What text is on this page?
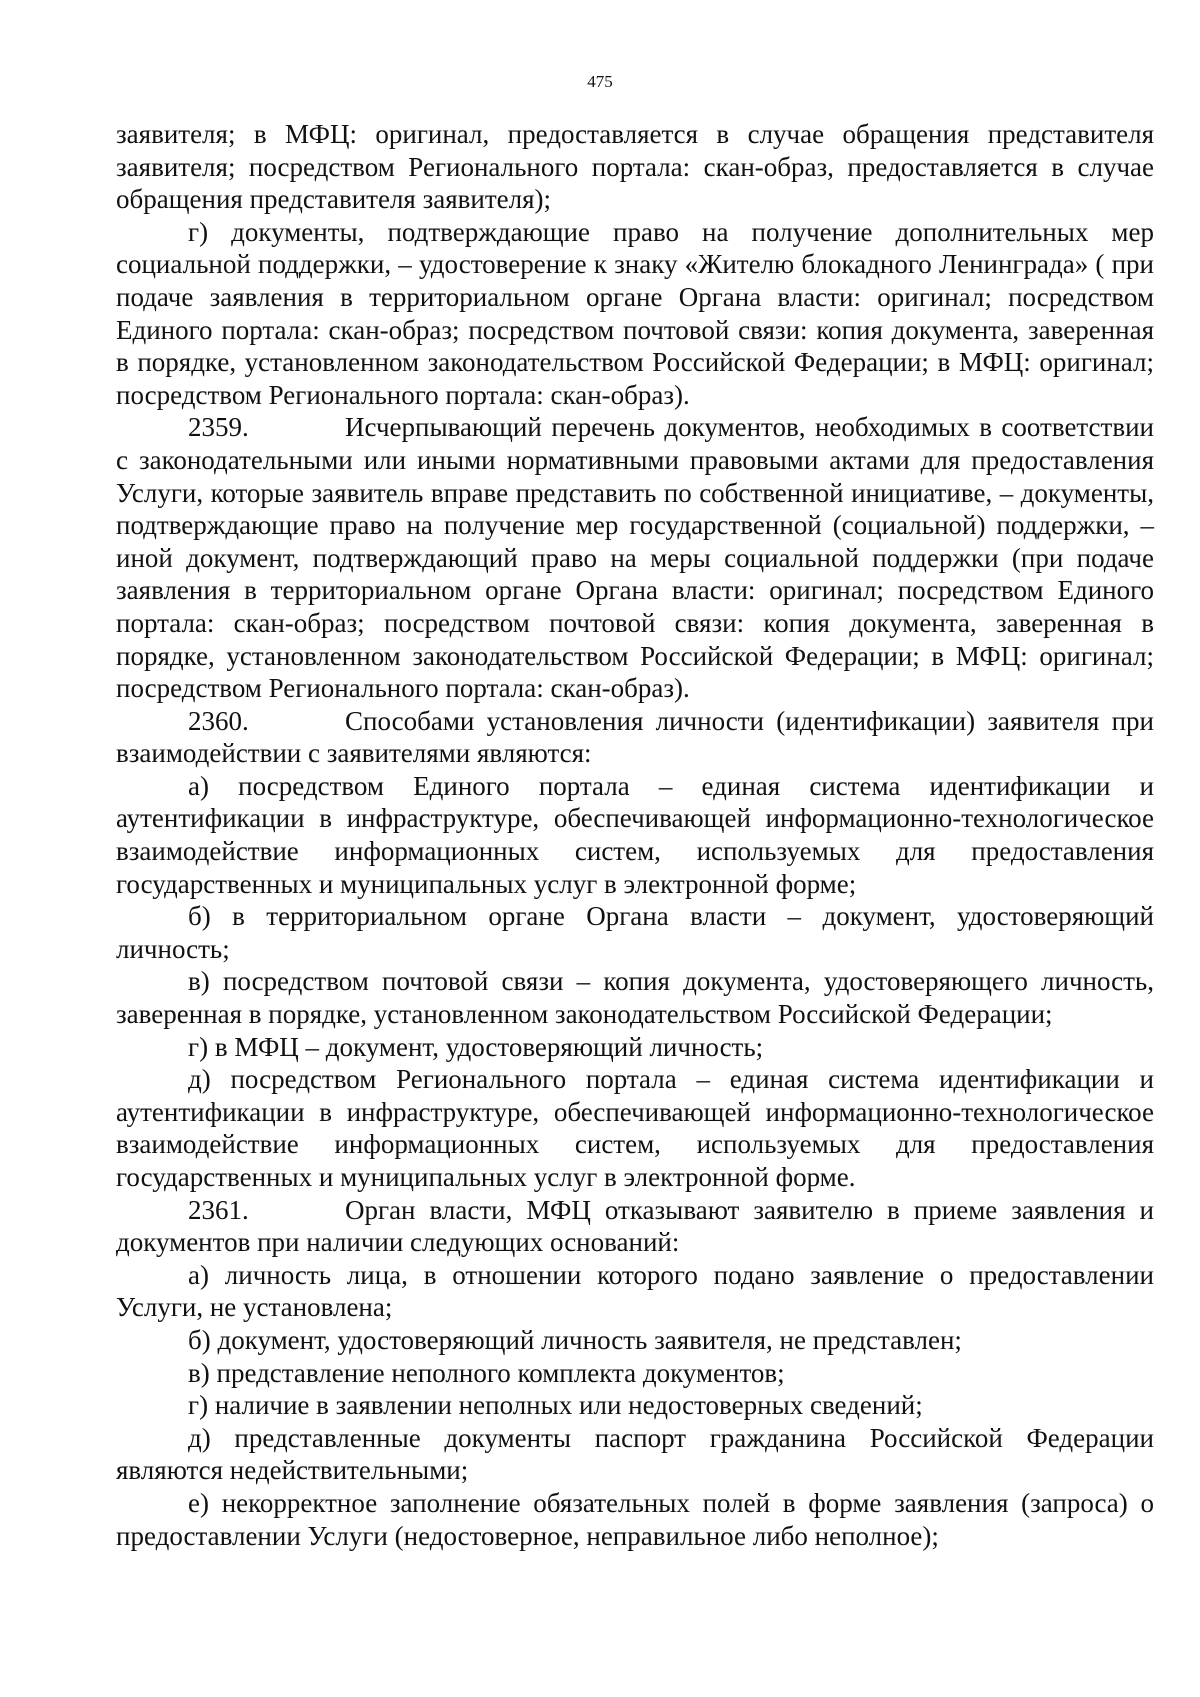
475

заявителя; в МФЦ: оригинал, предоставляется в случае обращения представителя заявителя; посредством Регионального портала: скан-образ, предоставляется в случае обращения представителя заявителя);

г) документы, подтверждающие право на получение дополнительных мер социальной поддержки, – удостоверение к знаку «Жителю блокадного Ленинграда» ( при подаче заявления в территориальном органе Органа власти: оригинал; посредством Единого портала: скан-образ; посредством почтовой связи: копия документа, заверенная в порядке, установленном законодательством Российской Федерации; в МФЦ: оригинал; посредством Регионального портала: скан-образ).

2359.	Исчерпывающий перечень документов, необходимых в соответствии с законодательными или иными нормативными правовыми актами для предоставления Услуги, которые заявитель вправе представить по собственной инициативе, – документы, подтверждающие право на получение мер государственной (социальной) поддержки, – иной документ, подтверждающий право на меры социальной поддержки (при подаче заявления в территориальном органе Органа власти: оригинал; посредством Единого портала: скан-образ; посредством почтовой связи: копия документа, заверенная в порядке, установленном законодательством Российской Федерации; в МФЦ: оригинал; посредством Регионального портала: скан-образ).

2360.	Способами установления личности (идентификации) заявителя при взаимодействии с заявителями являются:

а) посредством Единого портала – единая система идентификации и аутентификации в инфраструктуре, обеспечивающей информационно-технологическое взаимодействие информационных систем, используемых для предоставления государственных и муниципальных услуг в электронной форме;

б) в территориальном органе Органа власти – документ, удостоверяющий личность;

в) посредством почтовой связи – копия документа, удостоверяющего личность, заверенная в порядке, установленном законодательством Российской Федерации;

г) в МФЦ – документ, удостоверяющий личность;

д) посредством Регионального портала – единая система идентификации и аутентификации в инфраструктуре, обеспечивающей информационно-технологическое взаимодействие информационных систем, используемых для предоставления государственных и муниципальных услуг в электронной форме.

2361.	Орган власти, МФЦ отказывают заявителю в приеме заявления и документов при наличии следующих оснований:

а) личность лица, в отношении которого подано заявление о предоставлении Услуги, не установлена;

б) документ, удостоверяющий личность заявителя, не представлен;

в) представление неполного комплекта документов;

г) наличие в заявлении неполных или недостоверных сведений;

д) представленные документы паспорт гражданина Российской Федерации являются недействительными;

е) некорректное заполнение обязательных полей в форме заявления (запроса) о предоставлении Услуги (недостоверное, неправильное либо неполное);
